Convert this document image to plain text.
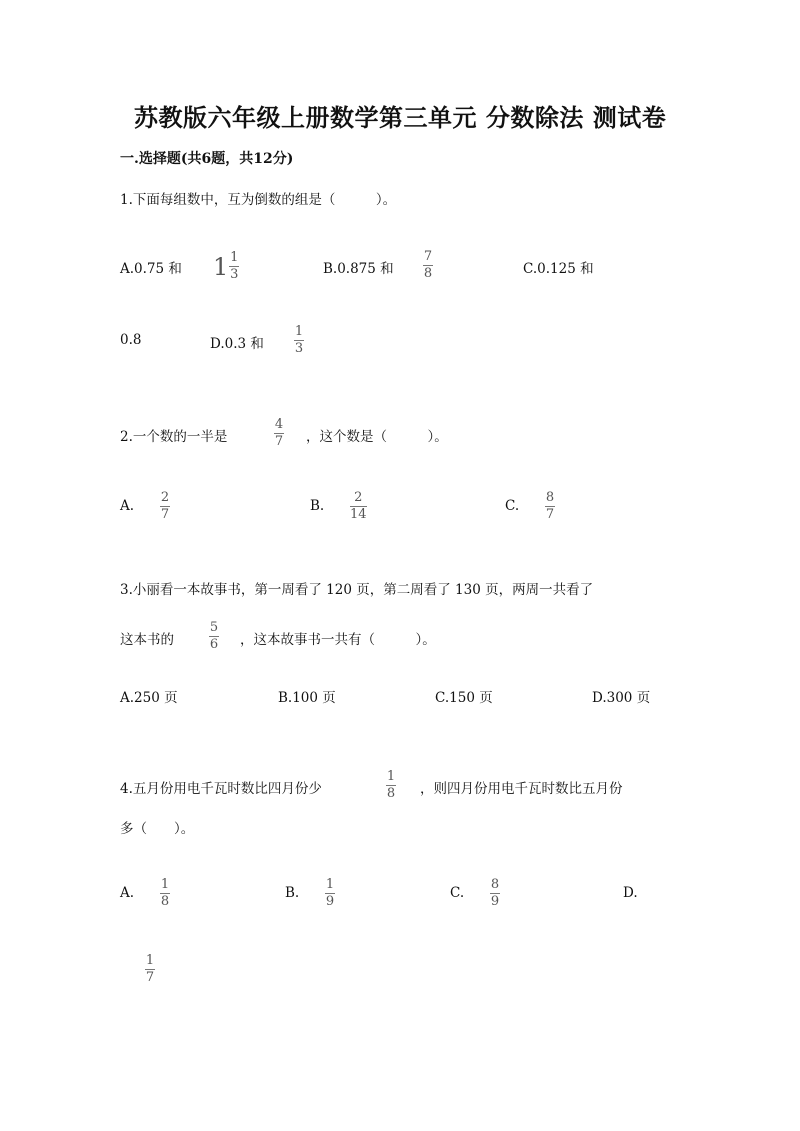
苏教版六年级上册数学第三单元 分数除法 测试卷
一.选择题(共6题，共12分)
1.下面每组数中，互为倒数的组是（　　　）。
A.0.75 和 $1 \frac{1}{3}$	B.0.875 和
7
8	C.0.125 和
0.8	D.0.3 和
1
3
2.一个数的一半是
4
7 ，这个数是（　　　）。
A.
2
7
B.
2
14
C.
8
7
3.小丽看一本故事书，第一周看了 120 页，第二周看了 130 页，两周一共看了
这本书的
5
6 ，这本故事书一共有（　　　）。
A.250 页	B.100 页	C.150 页	D.300 页
4.五月份用电千瓦时数比四月份少
1
8 ，则四月份用电千瓦时数比五月份
多（　　）。
A.
1
8
B.
1
9
C.
8
9
D.
1
7
